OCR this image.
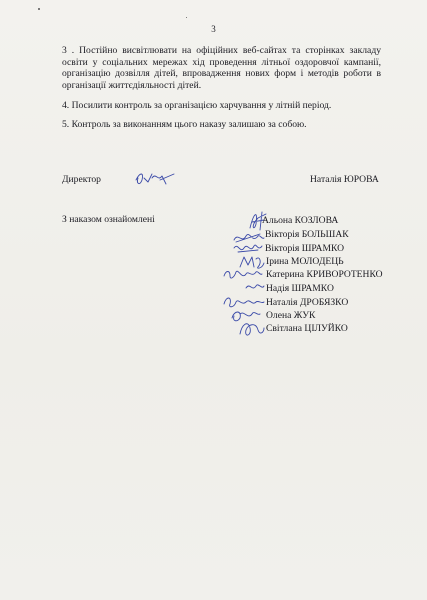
3

3 . Постійно висвітлювати на офіційних веб-сайтах та сторінках закладу освіти у соціальних мережах хід проведення літньої оздоровчої кампанії, організацію дозвілля дітей, впровадження нових форм і методів роботи в організації життєдіяльності дітей.

4. Посилити контроль за організацією харчування у літній період.

5. Контроль за виконанням цього наказу залишаю за собою.

Директор	Наталія ЮРОВА
З наказом ознайомлені	Альона КОЗЛОВА
Вікторія БОЛЬШАК
Вікторія ШРАМКО
Ірина МОЛОДЕЦЬ
Катерина КРИВОРОТЕНКО
Надія ШРАМКО
Наталія ДРОБЯЗКО
Олена ЖУК
Світлана ЦІЛУЙКО
